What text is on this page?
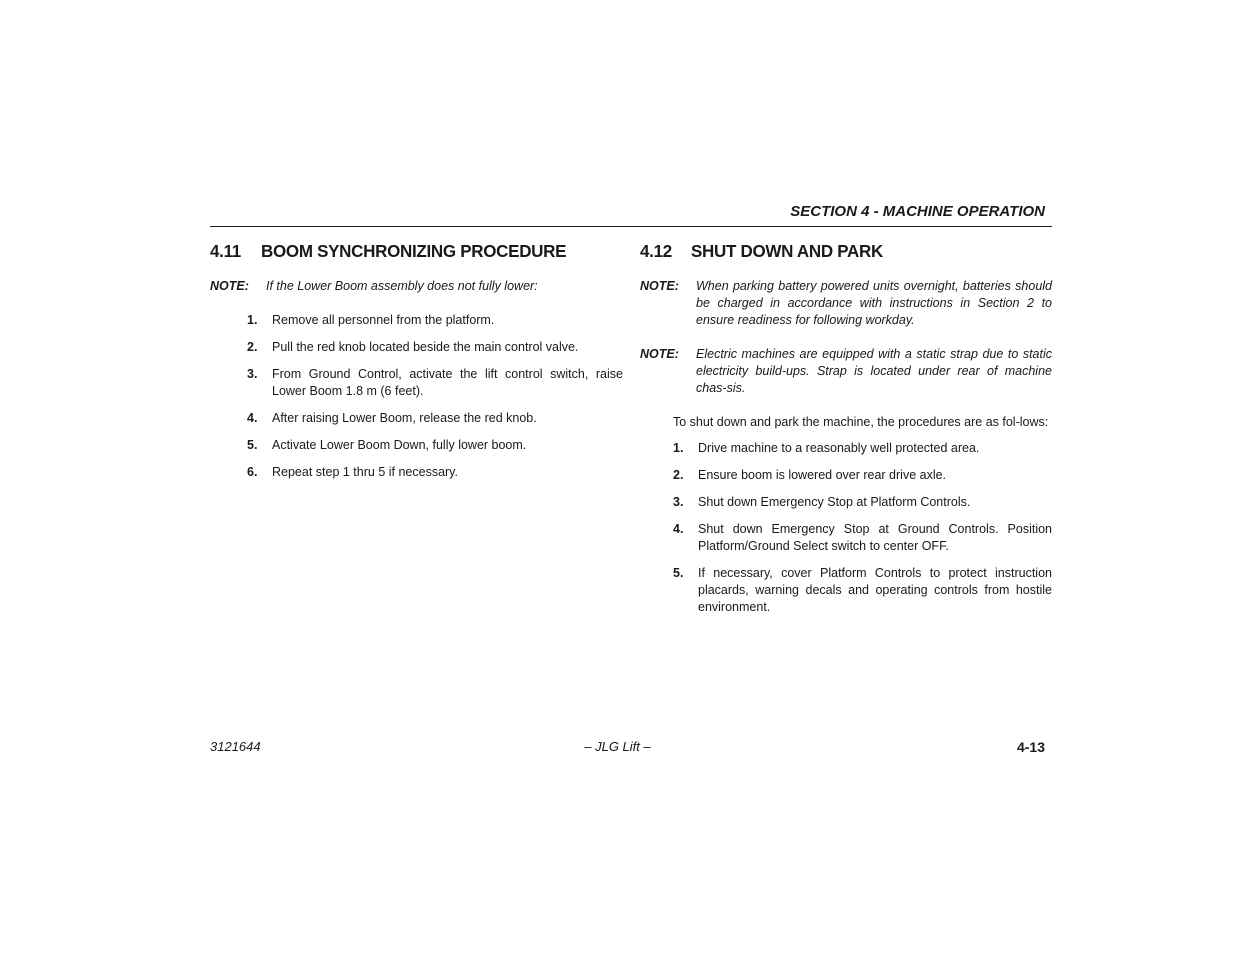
SECTION 4 - MACHINE OPERATION
4.11	BOOM SYNCHRONIZING PROCEDURE
NOTE:	If the Lower Boom assembly does not fully lower:
1.	Remove all personnel from the platform.
2.	Pull the red knob located beside the main control valve.
3.	From Ground Control, activate the lift control switch, raise Lower Boom 1.8 m (6 feet).
4.	After raising Lower Boom, release the red knob.
5.	Activate Lower Boom Down, fully lower boom.
6.	Repeat step 1 thru 5 if necessary.
4.12	SHUT DOWN AND PARK
NOTE:	When parking battery powered units overnight, batteries should be charged in accordance with instructions in Section 2 to ensure readiness for following workday.
NOTE:	Electric machines are equipped with a static strap due to static electricity build-ups. Strap is located under rear of machine chas-sis.
To shut down and park the machine, the procedures are as fol-lows:
1.	Drive machine to a reasonably well protected area.
2.	Ensure boom is lowered over rear drive axle.
3.	Shut down Emergency Stop at Platform Controls.
4.	Shut down Emergency Stop at Ground Controls. Position Platform/Ground Select switch to center OFF.
5.	If necessary, cover Platform Controls to protect instruction placards, warning decals and operating controls from hostile environment.
3121644	– JLG Lift –	4-13
